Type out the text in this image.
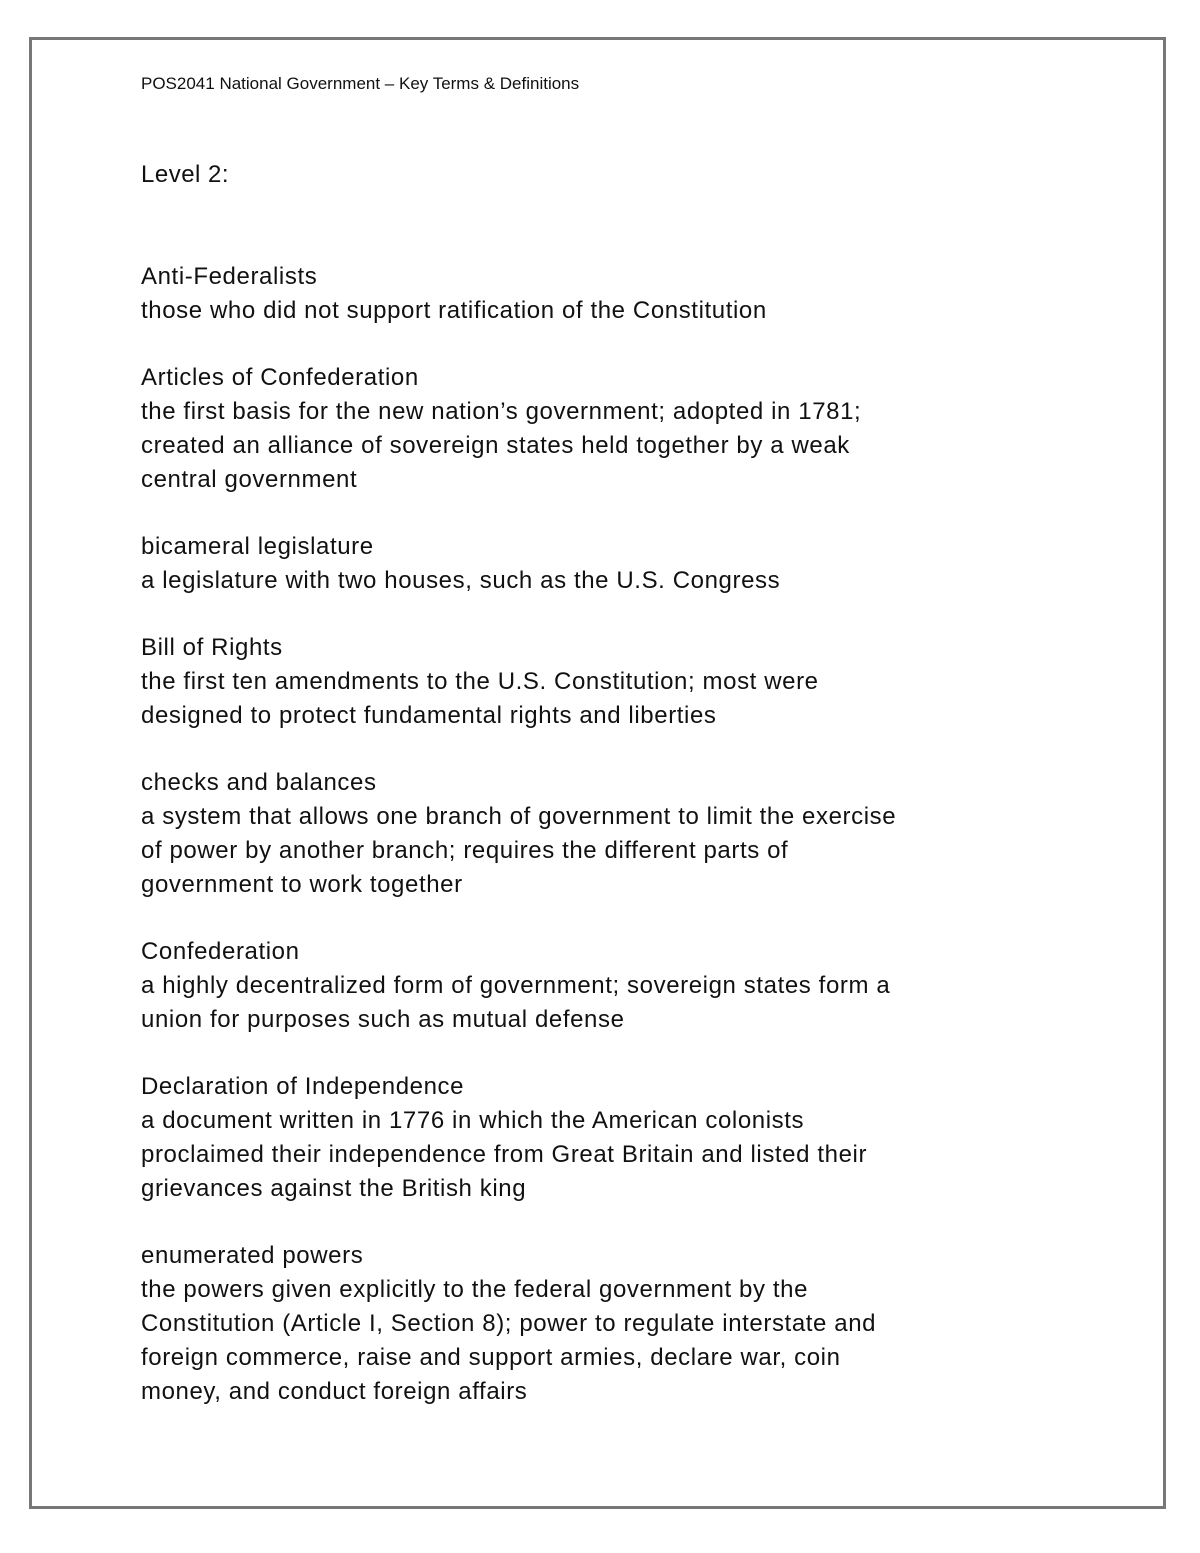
POS2041 National Government – Key Terms & Definitions

Level 2:

Anti-Federalists

those who did not support ratification of the Constitution

Articles of Confederation

the first basis for the new nation’s government; adopted in 1781;
created an alliance of sovereign states held together by a weak
central government

bicameral legislature

a legislature with two houses, such as the U.S. Congress

Bill of Rights

the first ten amendments to the U.S. Constitution; most were
designed to protect fundamental rights and liberties

checks and balances

a system that allows one branch of government to limit the exercise
of power by another branch; requires the different parts of
government to work together

Confederation

a highly decentralized form of government; sovereign states form a
union for purposes such as mutual defense

Declaration of Independence

a document written in 1776 in which the American colonists
proclaimed their independence from Great Britain and listed their
grievances against the British king

enumerated powers

the powers given explicitly to the federal government by the
Constitution (Article I, Section 8); power to regulate interstate and
foreign commerce, raise and support armies, declare war, coin
money, and conduct foreign affairs
